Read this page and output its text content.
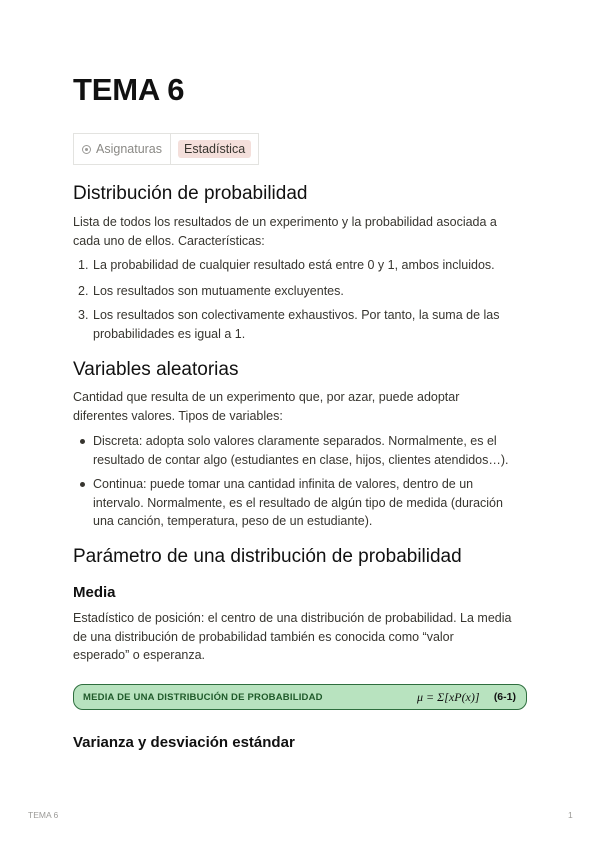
TEMA 6
Asignaturas	Estadística
Distribución de probabilidad

Lista de todos los resultados de un experimento y la probabilidad asociada a
cada uno de ellos. Características:

1. La probabilidad de cualquier resultado está entre 0 y 1, ambos incluidos.
2. Los resultados son mutuamente excluyentes.
3. Los resultados son colectivamente exhaustivos. Por tanto, la suma de las
probabilidades es igual a 1.
Variables aleatorias

Cantidad que resulta de un experimento que, por azar, puede adoptar
diferentes valores. Tipos de variables:

Discreta: adopta solo valores claramente separados. Normalmente, es el
resultado de contar algo (estudiantes en clase, hijos, clientes atendidos…).
Continua: puede tomar una cantidad infinita de valores, dentro de un
intervalo. Normalmente, es el resultado de algún tipo de medida (duración
una canción, temperatura, peso de un estudiante).
Parámetro de una distribución de probabilidad
Media

Estadístico de posición: el centro de una distribución de probabilidad. La media
de una distribución de probabilidad también es conocida como “valor
esperado” o esperanza.

Varianza y desviación estándar
MEDIA DE UNA DISTRIBUCIÓN DE PROBABILIDAD	μ = Σ[xP(x)] (6-1)
TEMA 6	1
